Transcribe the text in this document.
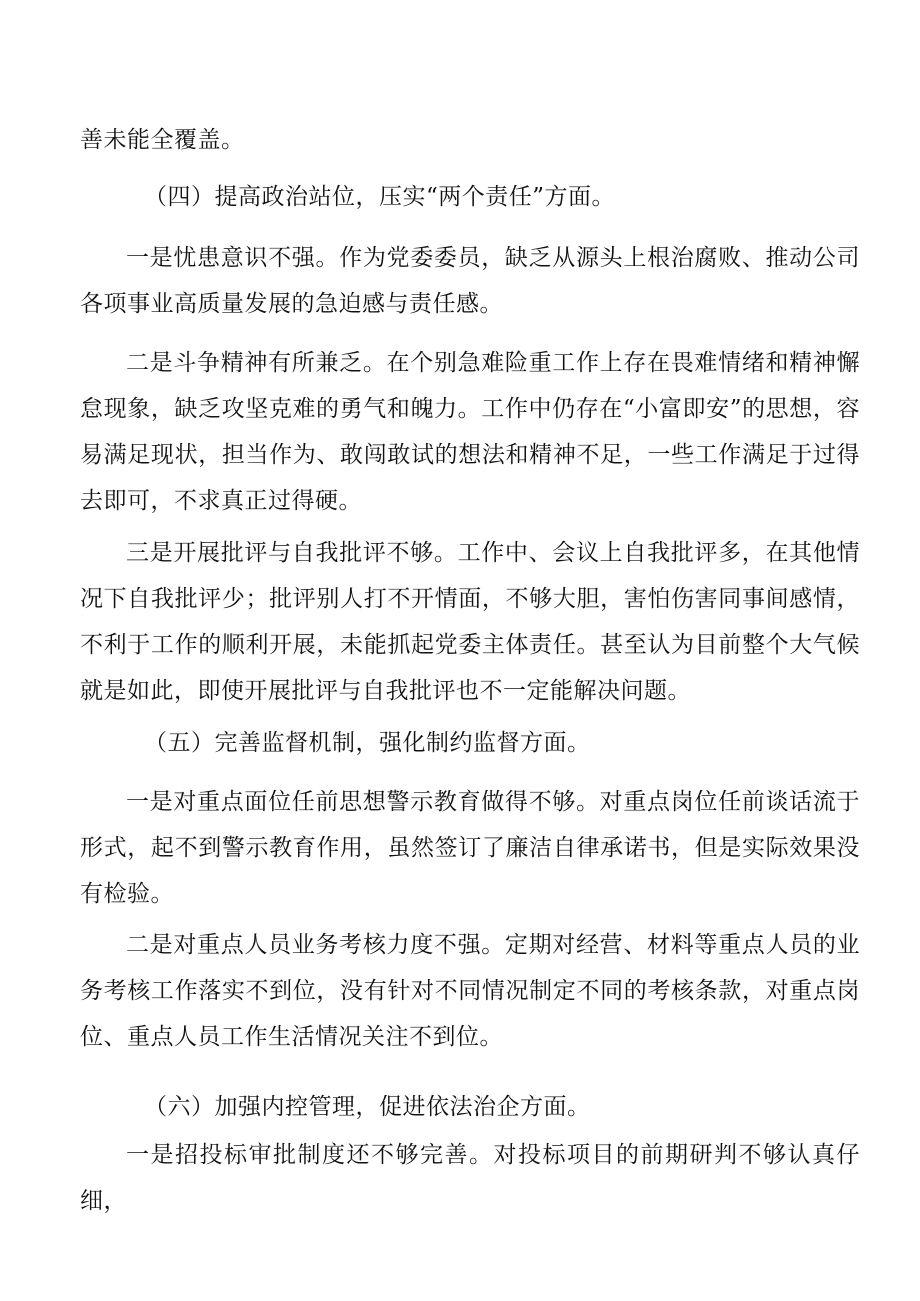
善未能全覆盖。

（四）提高政治站位，压实“两个责任”方面。

一是忧患意识不强。作为党委委员，缺乏从源头上根治腐败、推动公司各项事业高质量发展的急迫感与责任感。

二是斗争精神有所兼乏。在个别急难险重工作上存在畏难情绪和精神懈怠现象，缺乏攻坚克难的勇气和魄力。工作中仍存在“小富即安”的思想，容易满足现状，担当作为、敢闯敢试的想法和精神不足，一些工作满足于过得去即可，不求真正过得硬。

三是开展批评与自我批评不够。工作中、会议上自我批评多，在其他情况下自我批评少；批评别人打不开情面，不够大胆，害怕伤害同事间感情，不利于工作的顺利开展，未能抓起党委主体责任。甚至认为目前整个大气候就是如此，即使开展批评与自我批评也不一定能解决问题。

（五）完善监督机制，强化制约监督方面。

一是对重点面位任前思想警示教育做得不够。对重点岗位任前谈话流于形式，起不到警示教育作用，虽然签订了廉洁自律承诺书，但是实际效果没有检验。

二是对重点人员业务考核力度不强。定期对经营、材料等重点人员的业务考核工作落实不到位，没有针对不同情况制定不同的考核条款，对重点岗位、重点人员工作生活情况关注不到位。

（六）加强内控管理，促进依法治企方面。

一是招投标审批制度还不够完善。对投标项目的前期研判不够认真仔细，
